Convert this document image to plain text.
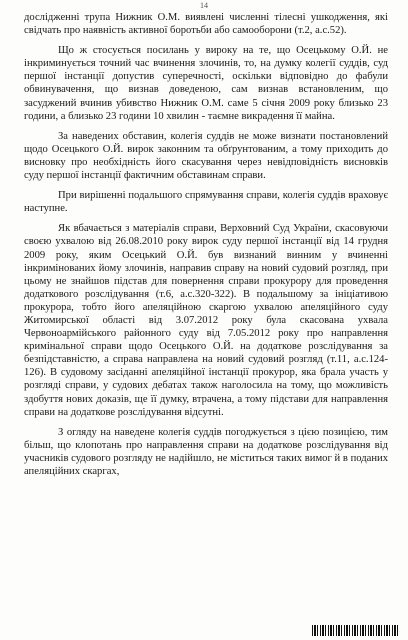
14

дослідженні трупа Нижник О.М. виявлені численні тілесні ушкодження, які свідчать про наявність активної боротьби або самооборони (т.2, а.с.52).

Що ж стосується посилань у вироку на те, що Осецькому О.Й. не інкриминується точний час вчинення злочинів, то, на думку колегії суддів, суд першої інстанції допустив суперечності, оскільки відповідно до фабули обвинувачення, що визнав доведеною, сам визнав встановленим, що засуджений вчинив убивство Нижник О.М. саме 5 січня 2009 року близько 23 години, а близько 23 години 10 хвилин - таємне викрадення її майна.

За наведених обставин, колегія суддів не може визнати постановлений щодо Осецького О.Й. вирок законним та обґрунтованим, а тому приходить до висновку про необхідність його скасування через невідповідність висновків суду першої інстанції фактичним обставинам справи.

При вирішенні подальшого спрямування справи, колегія суддів враховує наступне.

Як вбачається з матеріалів справи, Верховний Суд України, скасовуючи своєю ухвалою від 26.08.2010 року вирок суду першої інстанції від 14 грудня 2009 року, яким Осецький О.Й. був визнаний винним у вчиненні інкримінованих йому злочинів, направив справу на новий судовий розгляд, при цьому не знайшов підстав для повернення справи прокурору для проведення додаткового розслідування (т.6, а.с.320-322). В подальшому за ініціативою прокурора, тобто його апеляційною скаргою ухвалою апеляційного суду Житомирської області від 3.07.2012 року була скасована ухвала Червоноармійського районного суду від 7.05.2012 року про направлення кримінальної справи щодо Осецького О.Й. на додаткове розслідування за безпідставністю, а справа направлена на новий судовий розгляд (т.11, а.с.124-126). В судовому засіданні апеляційної інстанції прокурор, яка брала участь у розгляді справи, у судових дебатах також наголосила на тому, що можливість здобуття нових доказів, ще її думку, втрачена, а тому підстави для направлення справи на додаткове розслідування відсутні.

З огляду на наведене колегія суддів погоджується з цією позицією, тим більш, що клопотань про направлення справи на додаткове розслідування від учасників судового розгляду не надійшло, не міститься таких вимог й в поданих апеляційних скаргах,
